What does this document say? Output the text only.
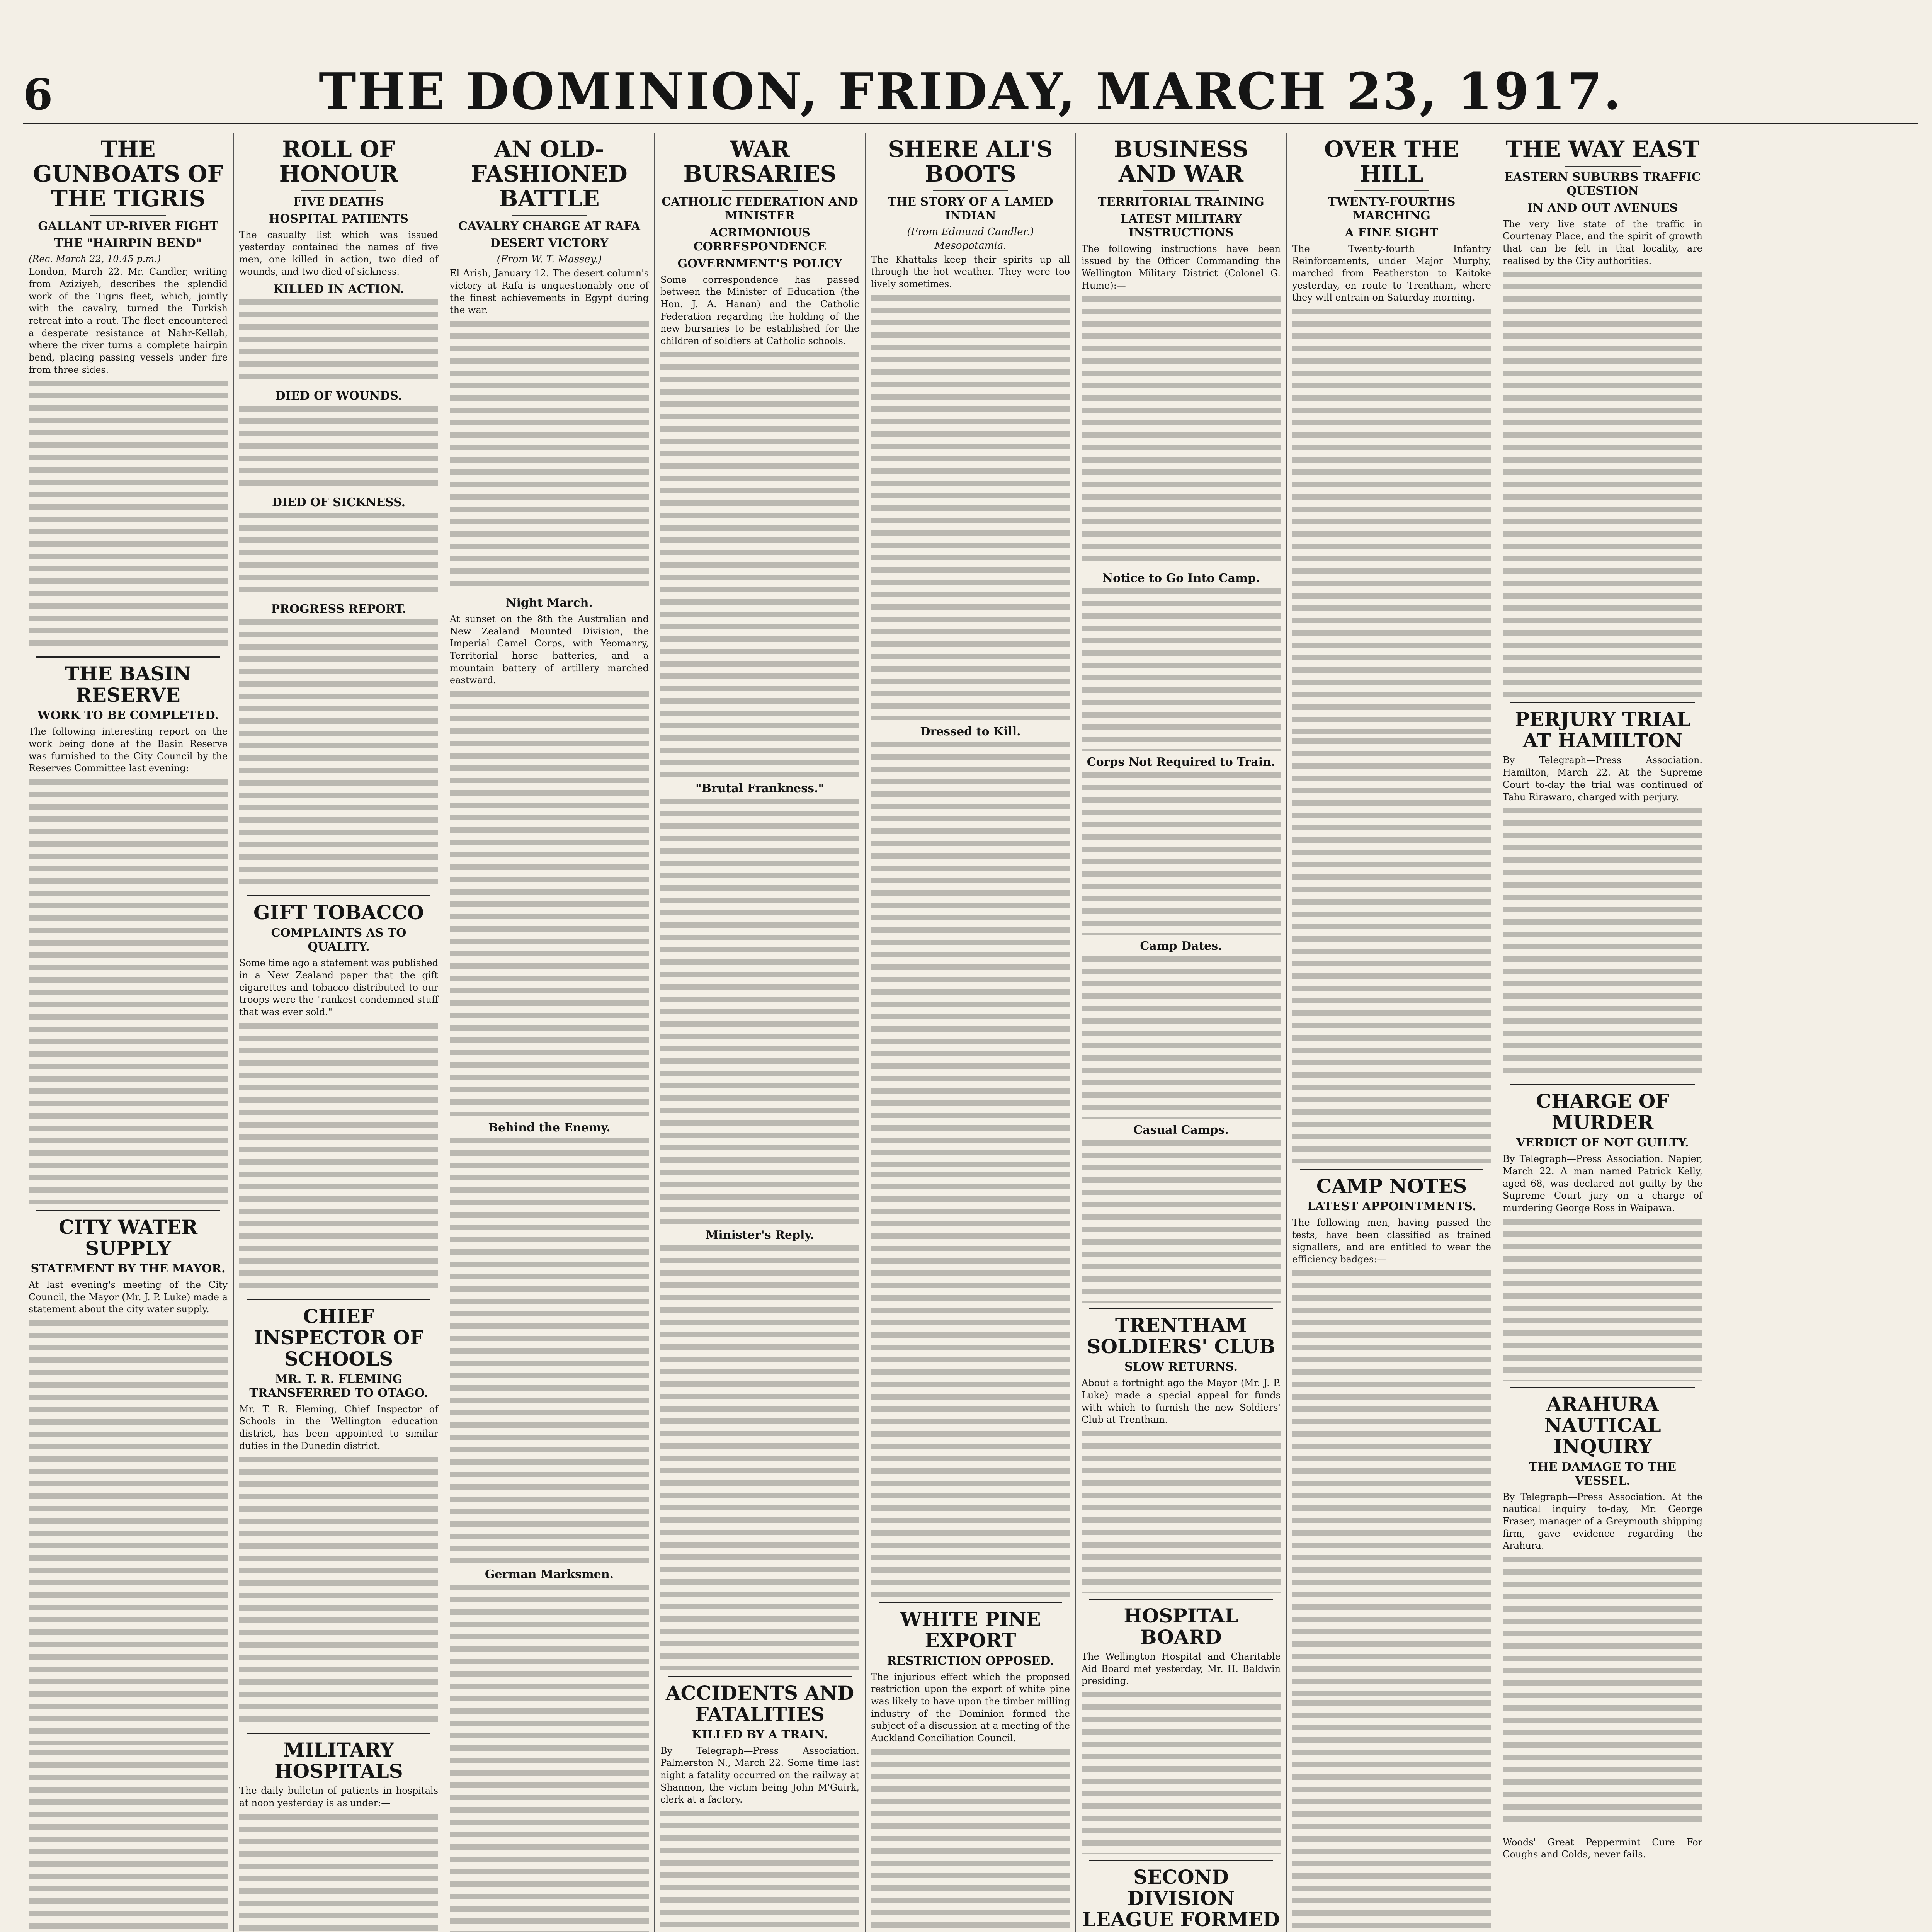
6	THE DOMINION, FRIDAY, MARCH 23, 1917.
THE GUNBOATS OF THE TIGRIS
GALLANT UP-RIVER FIGHT
THE "HAIRPIN BEND"
(Rec. March 22, 10.45 p.m.)

London, March 22. Mr. Candler, writing from Aziziyeh, describes the splendid work of the Tigris fleet, which, jointly with the cavalry, turned the Turkish retreat into a rout. The fleet encountered a desperate resistance at Nahr-Kellah, where the river turns a complete hairpin bend, placing passing vessels under fire from three sides.

THE BASIN RESERVE
WORK TO BE COMPLETED.

The following interesting report on the work being done at the Basin Reserve was furnished to the City Council by the Reserves Committee last evening:

CITY WATER SUPPLY
STATEMENT BY THE MAYOR.

At last evening's meeting of the City Council, the Mayor (Mr. J. P. Luke) made a statement about the city water supply.

ROLL OF HONOUR
FIVE DEATHS
HOSPITAL PATIENTS

The casualty list which was issued yesterday contained the names of five men, one killed in action, two died of wounds, and two died of sickness.

KILLED IN ACTION.
DIED OF WOUNDS.
DIED OF SICKNESS.
PROGRESS REPORT.
GIFT TOBACCO
COMPLAINTS AS TO QUALITY.

Some time ago a statement was published in a New Zealand paper that the gift cigarettes and tobacco distributed to our troops were the "rankest condemned stuff that was ever sold."

CHIEF INSPECTOR OF SCHOOLS
MR. T. R. FLEMING TRANSFERRED TO OTAGO.

Mr. T. R. Fleming, Chief Inspector of Schools in the Wellington education district, has been appointed to similar duties in the Dunedin district.

MILITARY HOSPITALS

The daily bulletin of patients in hospitals at noon yesterday is as under:—

AN OLD-FASHIONED BATTLE
CAVALRY CHARGE AT RAFA
DESERT VICTORY
(From W. T. Massey.)

El Arish, January 12. The desert column's victory at Rafa is unquestionably one of the finest achievements in Egypt during the war.

Night March.

At sunset on the 8th the Australian and New Zealand Mounted Division, the Imperial Camel Corps, with Yeomanry, Territorial horse batteries, and a mountain battery of artillery marched eastward.

Behind the Enemy.
German Marksmen.

WAR BURSARIES
CATHOLIC FEDERATION AND MINISTER
ACRIMONIOUS CORRESPONDENCE
GOVERNMENT'S POLICY

Some correspondence has passed between the Minister of Education (the Hon. J. A. Hanan) and the Catholic Federation regarding the holding of the new bursaries to be established for the children of soldiers at Catholic schools.

"Brutal Frankness."
Minister's Reply.
ACCIDENTS AND FATALITIES
KILLED BY A TRAIN.

By Telegraph—Press Association. Palmerston N., March 22. Some time last night a fatality occurred on the railway at Shannon, the victim being John M'Guirk, clerk at a factory.

SHERE ALI'S BOOTS
THE STORY OF A LAMED INDIAN
(From Edmund Candler.)
Mesopotamia.

The Khattaks keep their spirits up all through the hot weather. They were too lively sometimes.

Dressed to Kill.
WHITE PINE EXPORT
RESTRICTION OPPOSED.

The injurious effect which the proposed restriction upon the export of white pine was likely to have upon the timber milling industry of the Dominion formed the subject of a discussion at a meeting of the Auckland Conciliation Council.

BUSINESS AND WAR
TERRITORIAL TRAINING
LATEST MILITARY INSTRUCTIONS

The following instructions have been issued by the Officer Commanding the Wellington Military District (Colonel G. Hume):—

Notice to Go Into Camp.
Corps Not Required to Train.
Camp Dates.
Casual Camps.
TRENTHAM SOLDIERS' CLUB
SLOW RETURNS.

About a fortnight ago the Mayor (Mr. J. P. Luke) made a special appeal for funds with which to furnish the new Soldiers' Club at Trentham.

HOSPITAL BOARD

The Wellington Hospital and Charitable Aid Board met yesterday, Mr. H. Baldwin presiding.

SECOND DIVISION LEAGUE FORMED

OVER THE HILL
TWENTY-FOURTHS MARCHING
A FINE SIGHT

The Twenty-fourth Infantry Reinforcements, under Major Murphy, marched from Featherston to Kaitoke yesterday, en route to Trentham, where they will entrain on Saturday morning.

CAMP NOTES
LATEST APPOINTMENTS.

The following men, having passed the tests, have been classified as trained signallers, and are entitled to wear the efficiency badges:—

THE WAY EAST
EASTERN SUBURBS TRAFFIC QUESTION
IN AND OUT AVENUES

The very live state of the traffic in Courtenay Place, and the spirit of growth that can be felt in that locality, are realised by the City authorities.

PERJURY TRIAL AT HAMILTON

By Telegraph—Press Association. Hamilton, March 22. At the Supreme Court to-day the trial was continued of Tahu Rirawaro, charged with perjury.

CHARGE OF MURDER
VERDICT OF NOT GUILTY.

By Telegraph—Press Association. Napier, March 22. A man named Patrick Kelly, aged 68, was declared not guilty by the Supreme Court jury on a charge of murdering George Ross in Waipawa.

ARAHURA NAUTICAL INQUIRY
THE DAMAGE TO THE VESSEL.

By Telegraph—Press Association. At the nautical inquiry to-day, Mr. George Fraser, manager of a Greymouth shipping firm, gave evidence regarding the Arahura.

Woods' Great Peppermint Cure For Coughs and Colds, never fails.
